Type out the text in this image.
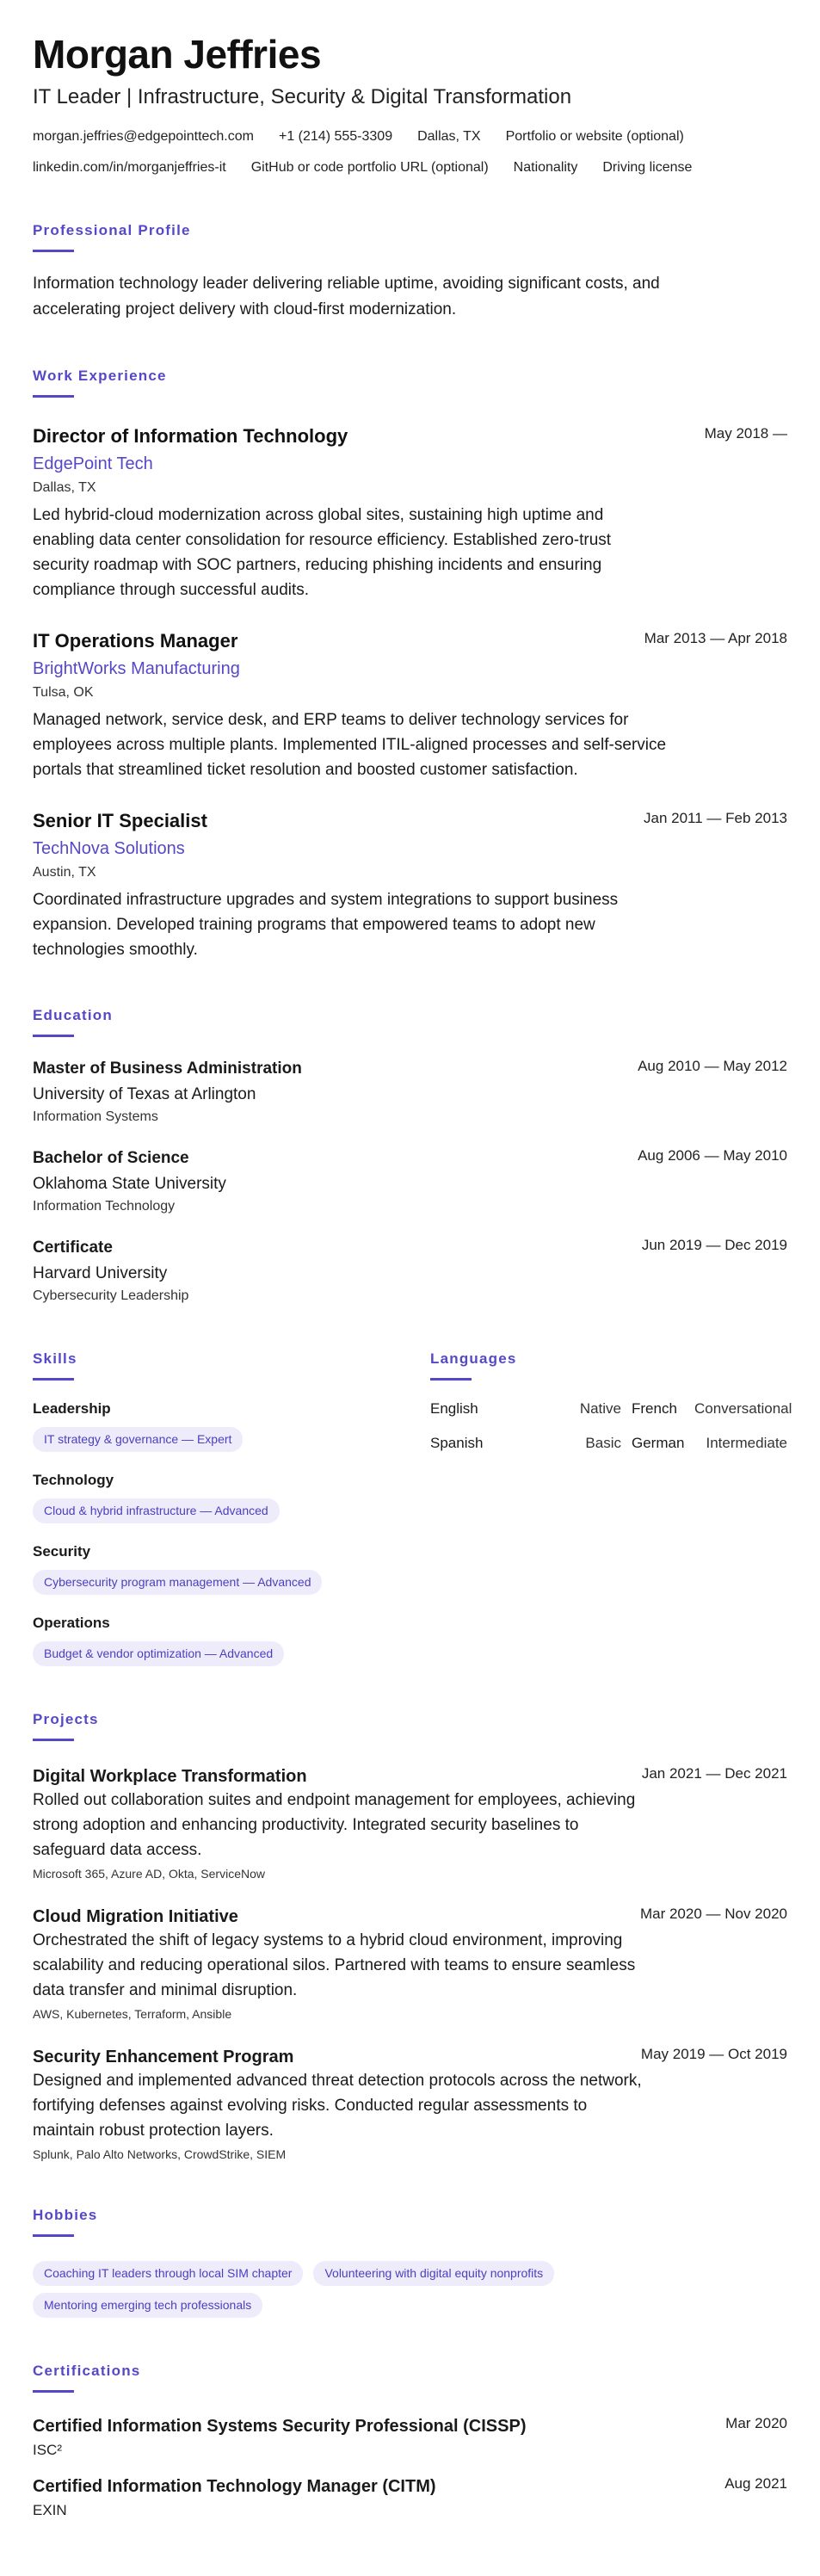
Morgan Jeffries
IT Leader | Infrastructure, Security & Digital Transformation
morgan.jeffries@edgepointtech.com +1 (214) 555-3309 Dallas, TX Portfolio or website (optional)
linkedin.com/in/morganjeffries-it GitHub or code portfolio URL (optional) Nationality Driving license
Professional Profile
Information technology leader delivering reliable uptime, avoiding significant costs, and accelerating project delivery with cloud-first modernization.
Work Experience
Director of Information Technology	May 2018 —
EdgePoint Tech
Dallas, TX
Led hybrid-cloud modernization across global sites, sustaining high uptime and enabling data center consolidation for resource efficiency. Established zero-trust security roadmap with SOC partners, reducing phishing incidents and ensuring compliance through successful audits.
IT Operations Manager	Mar 2013 — Apr 2018
BrightWorks Manufacturing
Tulsa, OK
Managed network, service desk, and ERP teams to deliver technology services for employees across multiple plants. Implemented ITIL-aligned processes and self-service portals that streamlined ticket resolution and boosted customer satisfaction.
Senior IT Specialist	Jan 2011 — Feb 2013
TechNova Solutions
Austin, TX
Coordinated infrastructure upgrades and system integrations to support business expansion. Developed training programs that empowered teams to adopt new technologies smoothly.
Education
Master of Business Administration	Aug 2010 — May 2012
University of Texas at Arlington
Information Systems
Bachelor of Science	Aug 2006 — May 2010
Oklahoma State University
Information Technology
Certificate	Jun 2019 — Dec 2019
Harvard University
Cybersecurity Leadership
Skills
Leadership
IT strategy & governance — Expert
Technology
Cloud & hybrid infrastructure — Advanced
Security
Cybersecurity program management — Advanced
Operations
Budget & vendor optimization — Advanced
Languages
English	Native French	Conversational
Spanish	Basic German	Intermediate
Projects
Digital Workplace Transformation	Jan 2021 — Dec 2021
Rolled out collaboration suites and endpoint management for employees, achieving strong adoption and enhancing productivity. Integrated security baselines to safeguard data access.
Microsoft 365, Azure AD, Okta, ServiceNow
Cloud Migration Initiative	Mar 2020 — Nov 2020
Orchestrated the shift of legacy systems to a hybrid cloud environment, improving scalability and reducing operational silos. Partnered with teams to ensure seamless data transfer and minimal disruption.
AWS, Kubernetes, Terraform, Ansible
Security Enhancement Program	May 2019 — Oct 2019
Designed and implemented advanced threat detection protocols across the network, fortifying defenses against evolving risks. Conducted regular assessments to maintain robust protection layers.
Splunk, Palo Alto Networks, CrowdStrike, SIEM
Hobbies
Coaching IT leaders through local SIM chapter	Volunteering with digital equity nonprofits
Mentoring emerging tech professionals
Certifications
Certified Information Systems Security Professional (CISSP)	Mar 2020
ISC²
Certified Information Technology Manager (CITM)	Aug 2021
EXIN
